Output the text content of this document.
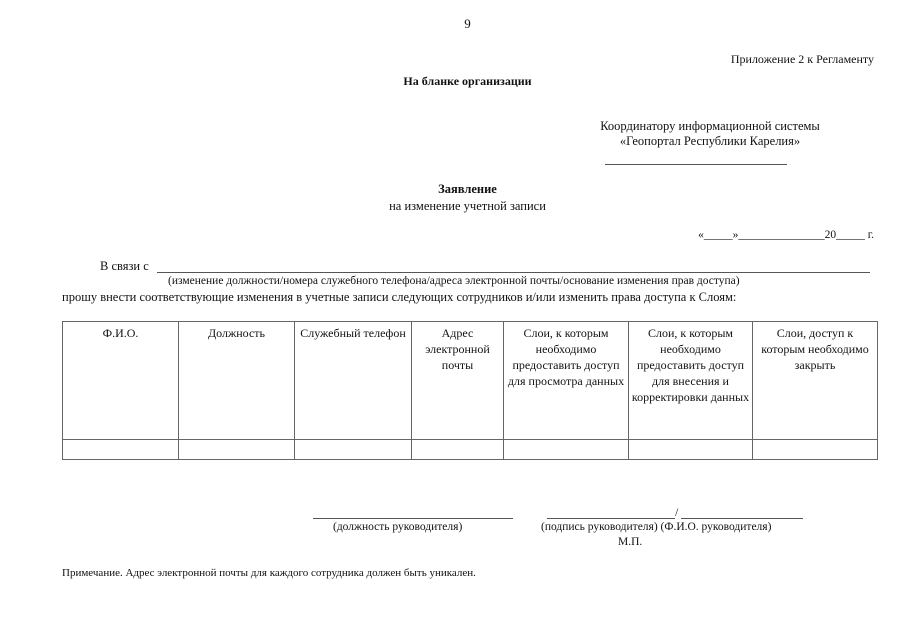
9
Приложение 2 к Регламенту
На бланке организации
Координатору информационной системы
«Геопортал Республики Карелия»
Заявление
на изменение учетной записи
«_____»_______________20_____ г.
В связи с
(изменение должности/номера служебного телефона/адреса электронной почты/основание изменения прав доступа)
прошу внести соответствующие изменения в учетные записи следующих сотрудников и/или изменить права доступа к Слоям:
Ф.И.О.	Должность	Служебный телефон	Адрес электронной почты	Слои, к которым необходимо предоставить доступ для просмотра данных	Слои, к которым необходимо предоставить доступ для внесения и корректировки данных	Слои, доступ к которым необходимо закрыть

/
(должность руководителя)	(подпись руководителя) (Ф.И.О. руководителя)
М.П.
Примечание. Адрес электронной почты для каждого сотрудника должен быть уникален.
